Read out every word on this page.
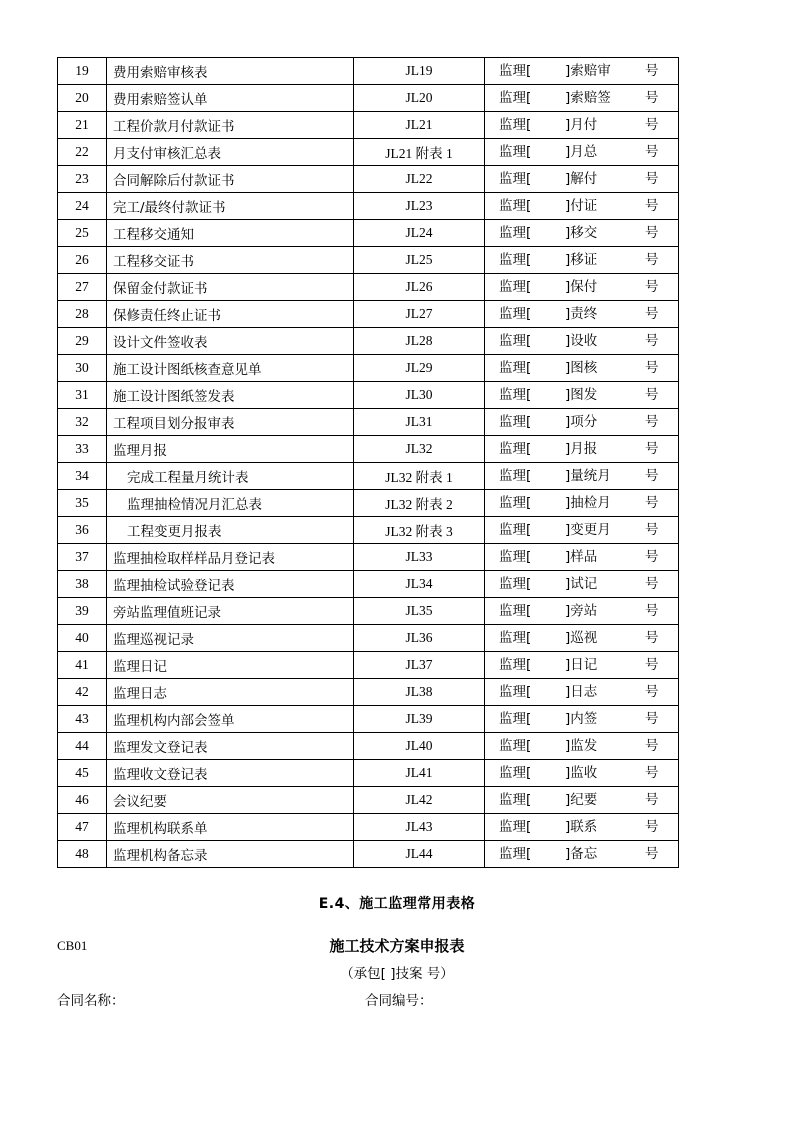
19	费用索赔审核表	JL19	监理[ ]索赔审 号

20	费用索赔签认单	JL20	监理[ ]索赔签 号

21	工程价款月付款证书	JL21	监理[ ]月付 号

22	月支付审核汇总表	JL21 附表 1	监理[ ]月总 号

23	合同解除后付款证书	JL22	监理[ ]解付 号

24	完工/最终付款证书	JL23	监理[ ]付证 号

25	工程移交通知	JL24	监理[ ]移交 号

26	工程移交证书	JL25	监理[ ]移证 号

27	保留金付款证书	JL26	监理[ ]保付 号

28	保修责任终止证书	JL27	监理[ ]责终 号

29	设计文件签收表	JL28	监理[ ]设收 号

30	施工设计图纸核查意见单	JL29	监理[ ]图核 号

31	施工设计图纸签发表	JL30	监理[ ]图发 号

32	工程项目划分报审表	JL31	监理[ ]项分 号

33	监理月报	JL32	监理[ ]月报 号

34	完成工程量月统计表	JL32 附表 1	监理[ ]量统月 号

35	监理抽检情况月汇总表	JL32 附表 2	监理[ ]抽检月 号

36	工程变更月报表	JL32 附表 3	监理[ ]变更月 号

37	监理抽检取样样品月登记表	JL33	监理[ ]样品 号

38	监理抽检试验登记表	JL34	监理[ ]试记 号

39	旁站监理值班记录	JL35	监理[ ]旁站 号

40	监理巡视记录	JL36	监理[ ]巡视 号

41	监理日记	JL37	监理[ ]日记 号

42	监理日志	JL38	监理[ ]日志 号

43	监理机构内部会签单	JL39	监理[ ]内签 号

44	监理发文登记表	JL40	监理[ ]监发 号

45	监理收文登记表	JL41	监理[ ]监收 号

46	会议纪要	JL42	监理[ ]纪要 号

47	监理机构联系单	JL43	监理[ ]联系 号

48	监理机构备忘录	JL44	监理[ ]备忘 号
E.4、施工监理常用表格
CB01	施工技术方案申报表
（承包[ ]技案 号）
合同名称：	合同编号：
